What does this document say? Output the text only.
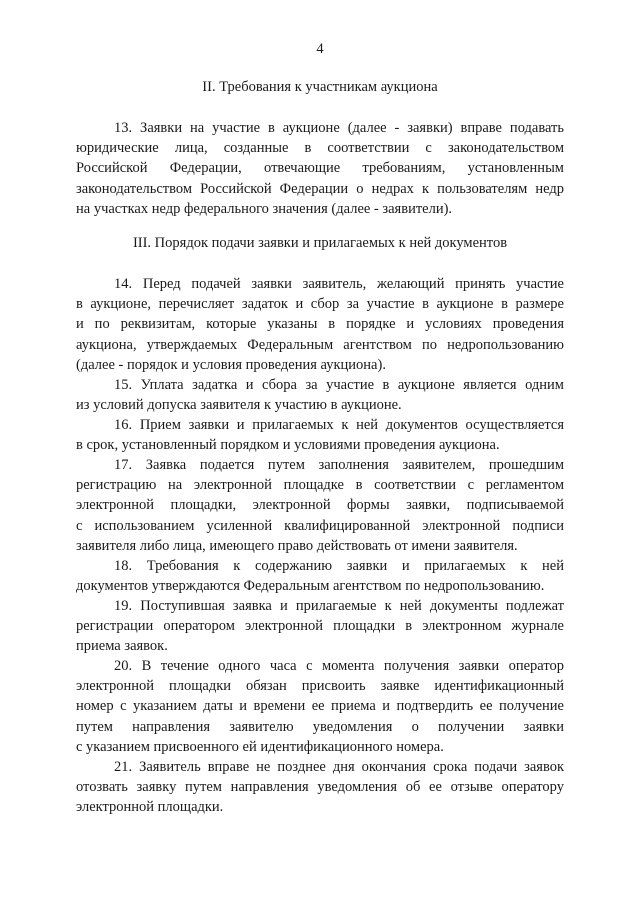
4
II. Требования к участникам аукциона

13. Заявки на участие в аукционе (далее - заявки) вправе подавать
юридические лица, созданные в соответствии с законодательством
Российской Федерации, отвечающие требованиям, установленным
законодательством Российской Федерации о недрах к пользователям недр
на участках недр федерального значения (далее - заявители).

III. Порядок подачи заявки и прилагаемых к ней документов

14. Перед подачей заявки заявитель, желающий принять участие
в аукционе, перечисляет задаток и сбор за участие в аукционе в размере
и по реквизитам, которые указаны в порядке и условиях проведения
аукциона, утверждаемых Федеральным агентством по недропользованию
(далее - порядок и условия проведения аукциона).

15. Уплата задатка и сбора за участие в аукционе является одним
из условий допуска заявителя к участию в аукционе.

16. Прием заявки и прилагаемых к ней документов осуществляется
в срок, установленный порядком и условиями проведения аукциона.

17. Заявка подается путем заполнения заявителем, прошедшим
регистрацию на электронной площадке в соответствии с регламентом
электронной площадки, электронной формы заявки, подписываемой
с использованием усиленной квалифицированной электронной подписи
заявителя либо лица, имеющего право действовать от имени заявителя.

18. Требования к содержанию заявки и прилагаемых к ней
документов утверждаются Федеральным агентством по недропользованию.

19. Поступившая заявка и прилагаемые к ней документы подлежат
регистрации оператором электронной площадки в электронном журнале
приема заявок.

20. В течение одного часа с момента получения заявки оператор
электронной площадки обязан присвоить заявке идентификационный
номер с указанием даты и времени ее приема и подтвердить ее получение
путем направления заявителю уведомления о получении заявки
с указанием присвоенного ей идентификационного номера.

21. Заявитель вправе не позднее дня окончания срока подачи заявок
отозвать заявку путем направления уведомления об ее отзыве оператору
электронной площадки.
